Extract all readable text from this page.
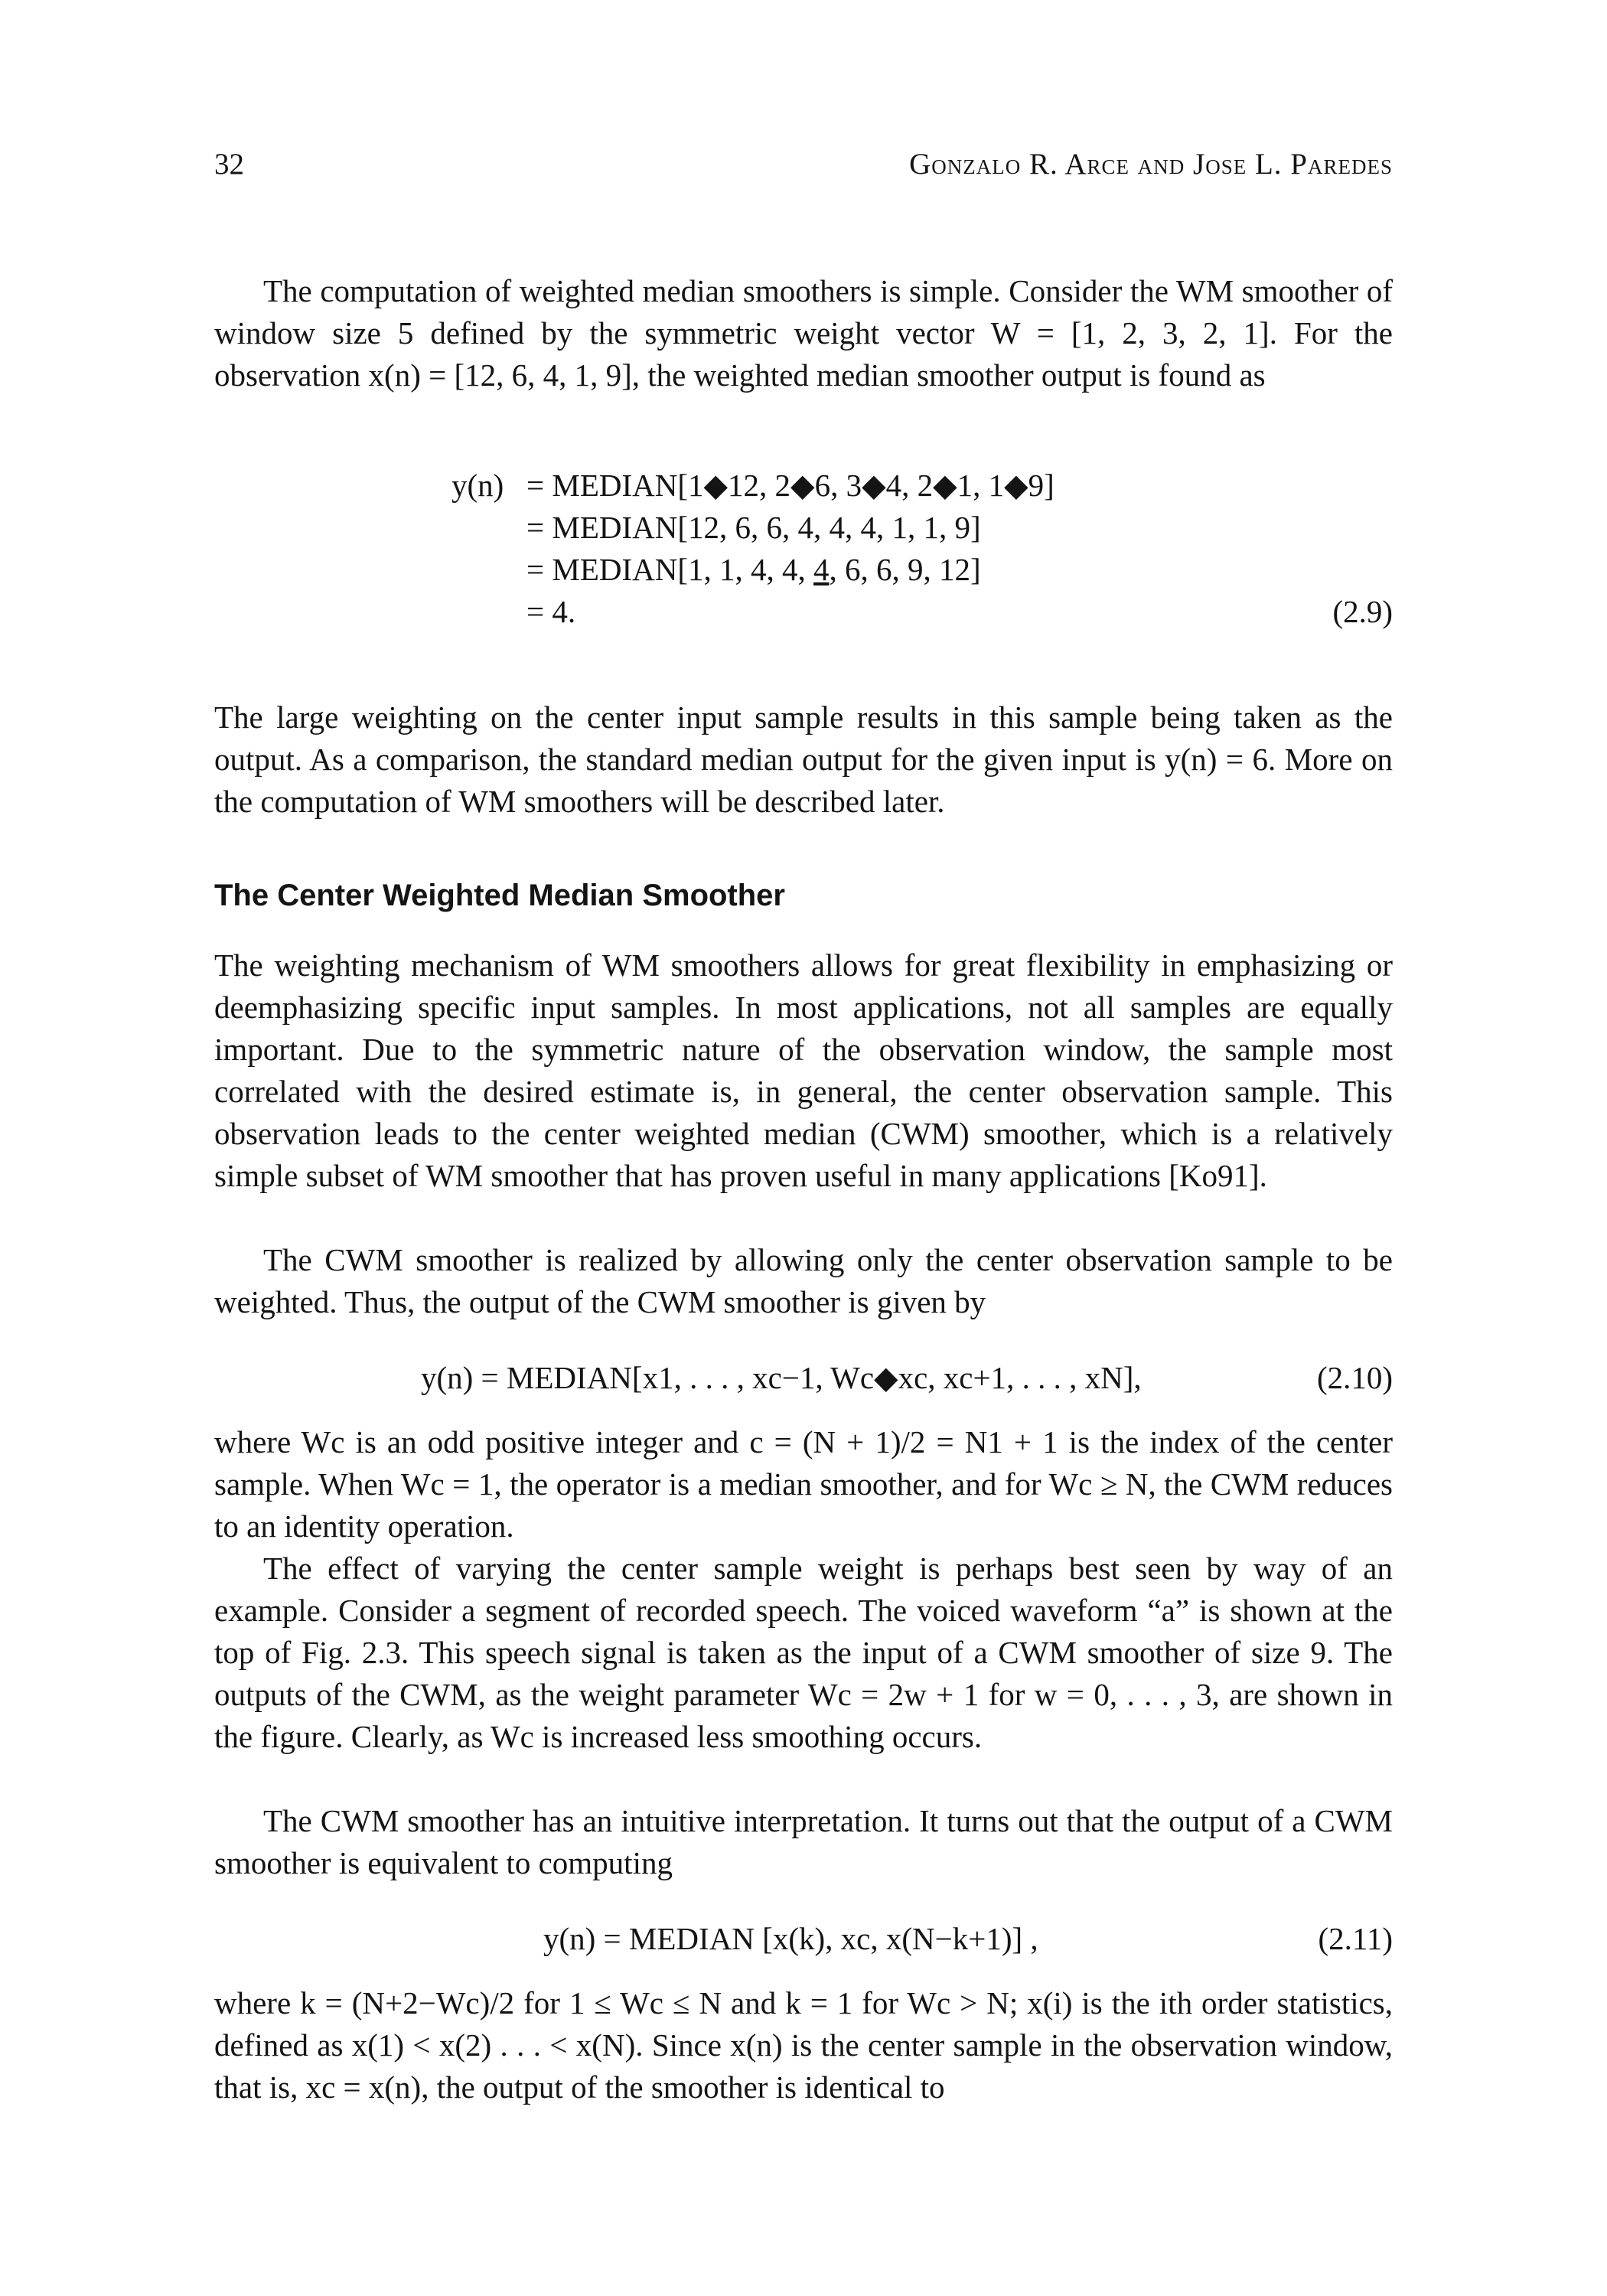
32	Gonzalo R. Arce and Jose L. Paredes

The computation of weighted median smoothers is simple. Consider the WM smoother of window size 5 defined by the symmetric weight vector W = [1, 2, 3, 2, 1]. For the observation x(n) = [12, 6, 4, 1, 9], the weighted median smoother output is found as

y(n) = MEDIAN[1◆12, 2◆6, 3◆4, 2◆1, 1◆9]
= MEDIAN[12, 6, 6, 4, 4, 4, 1, 1, 9]
= MEDIAN[1, 1, 4, 4, 4, 6, 6, 9, 12]
= 4.	(2.9)

The large weighting on the center input sample results in this sample being taken as the output. As a comparison, the standard median output for the given input is y(n) = 6. More on the computation of WM smoothers will be described later.

The Center Weighted Median Smoother

The weighting mechanism of WM smoothers allows for great flexibility in emphasizing or deemphasizing specific input samples. In most applications, not all samples are equally important. Due to the symmetric nature of the observation window, the sample most correlated with the desired estimate is, in general, the center observation sample. This observation leads to the center weighted median (CWM) smoother, which is a relatively simple subset of WM smoother that has proven useful in many applications [Ko91].

The CWM smoother is realized by allowing only the center observation sample to be weighted. Thus, the output of the CWM smoother is given by

y(n) = MEDIAN[x1, . . . , xc−1, Wc◆xc, xc+1, . . . , xN],	(2.10)

where Wc is an odd positive integer and c = (N + 1)/2 = N1 + 1 is the index of the center sample. When Wc = 1, the operator is a median smoother, and for Wc ≥ N, the CWM reduces to an identity operation.

The effect of varying the center sample weight is perhaps best seen by way of an example. Consider a segment of recorded speech. The voiced waveform “a” is shown at the top of Fig. 2.3. This speech signal is taken as the input of a CWM smoother of size 9. The outputs of the CWM, as the weight parameter Wc = 2w + 1 for w = 0, . . . , 3, are shown in the figure. Clearly, as Wc is increased less smoothing occurs.

The CWM smoother has an intuitive interpretation. It turns out that the output of a CWM smoother is equivalent to computing

y(n) = MEDIAN [x(k), xc, x(N−k+1)] ,	(2.11)

where k = (N+2−Wc)/2 for 1 ≤ Wc ≤ N and k = 1 for Wc > N; x(i) is the ith order statistics, defined as x(1) < x(2) . . . < x(N). Since x(n) is the center sample in the observation window, that is, xc = x(n), the output of the smoother is identical to
